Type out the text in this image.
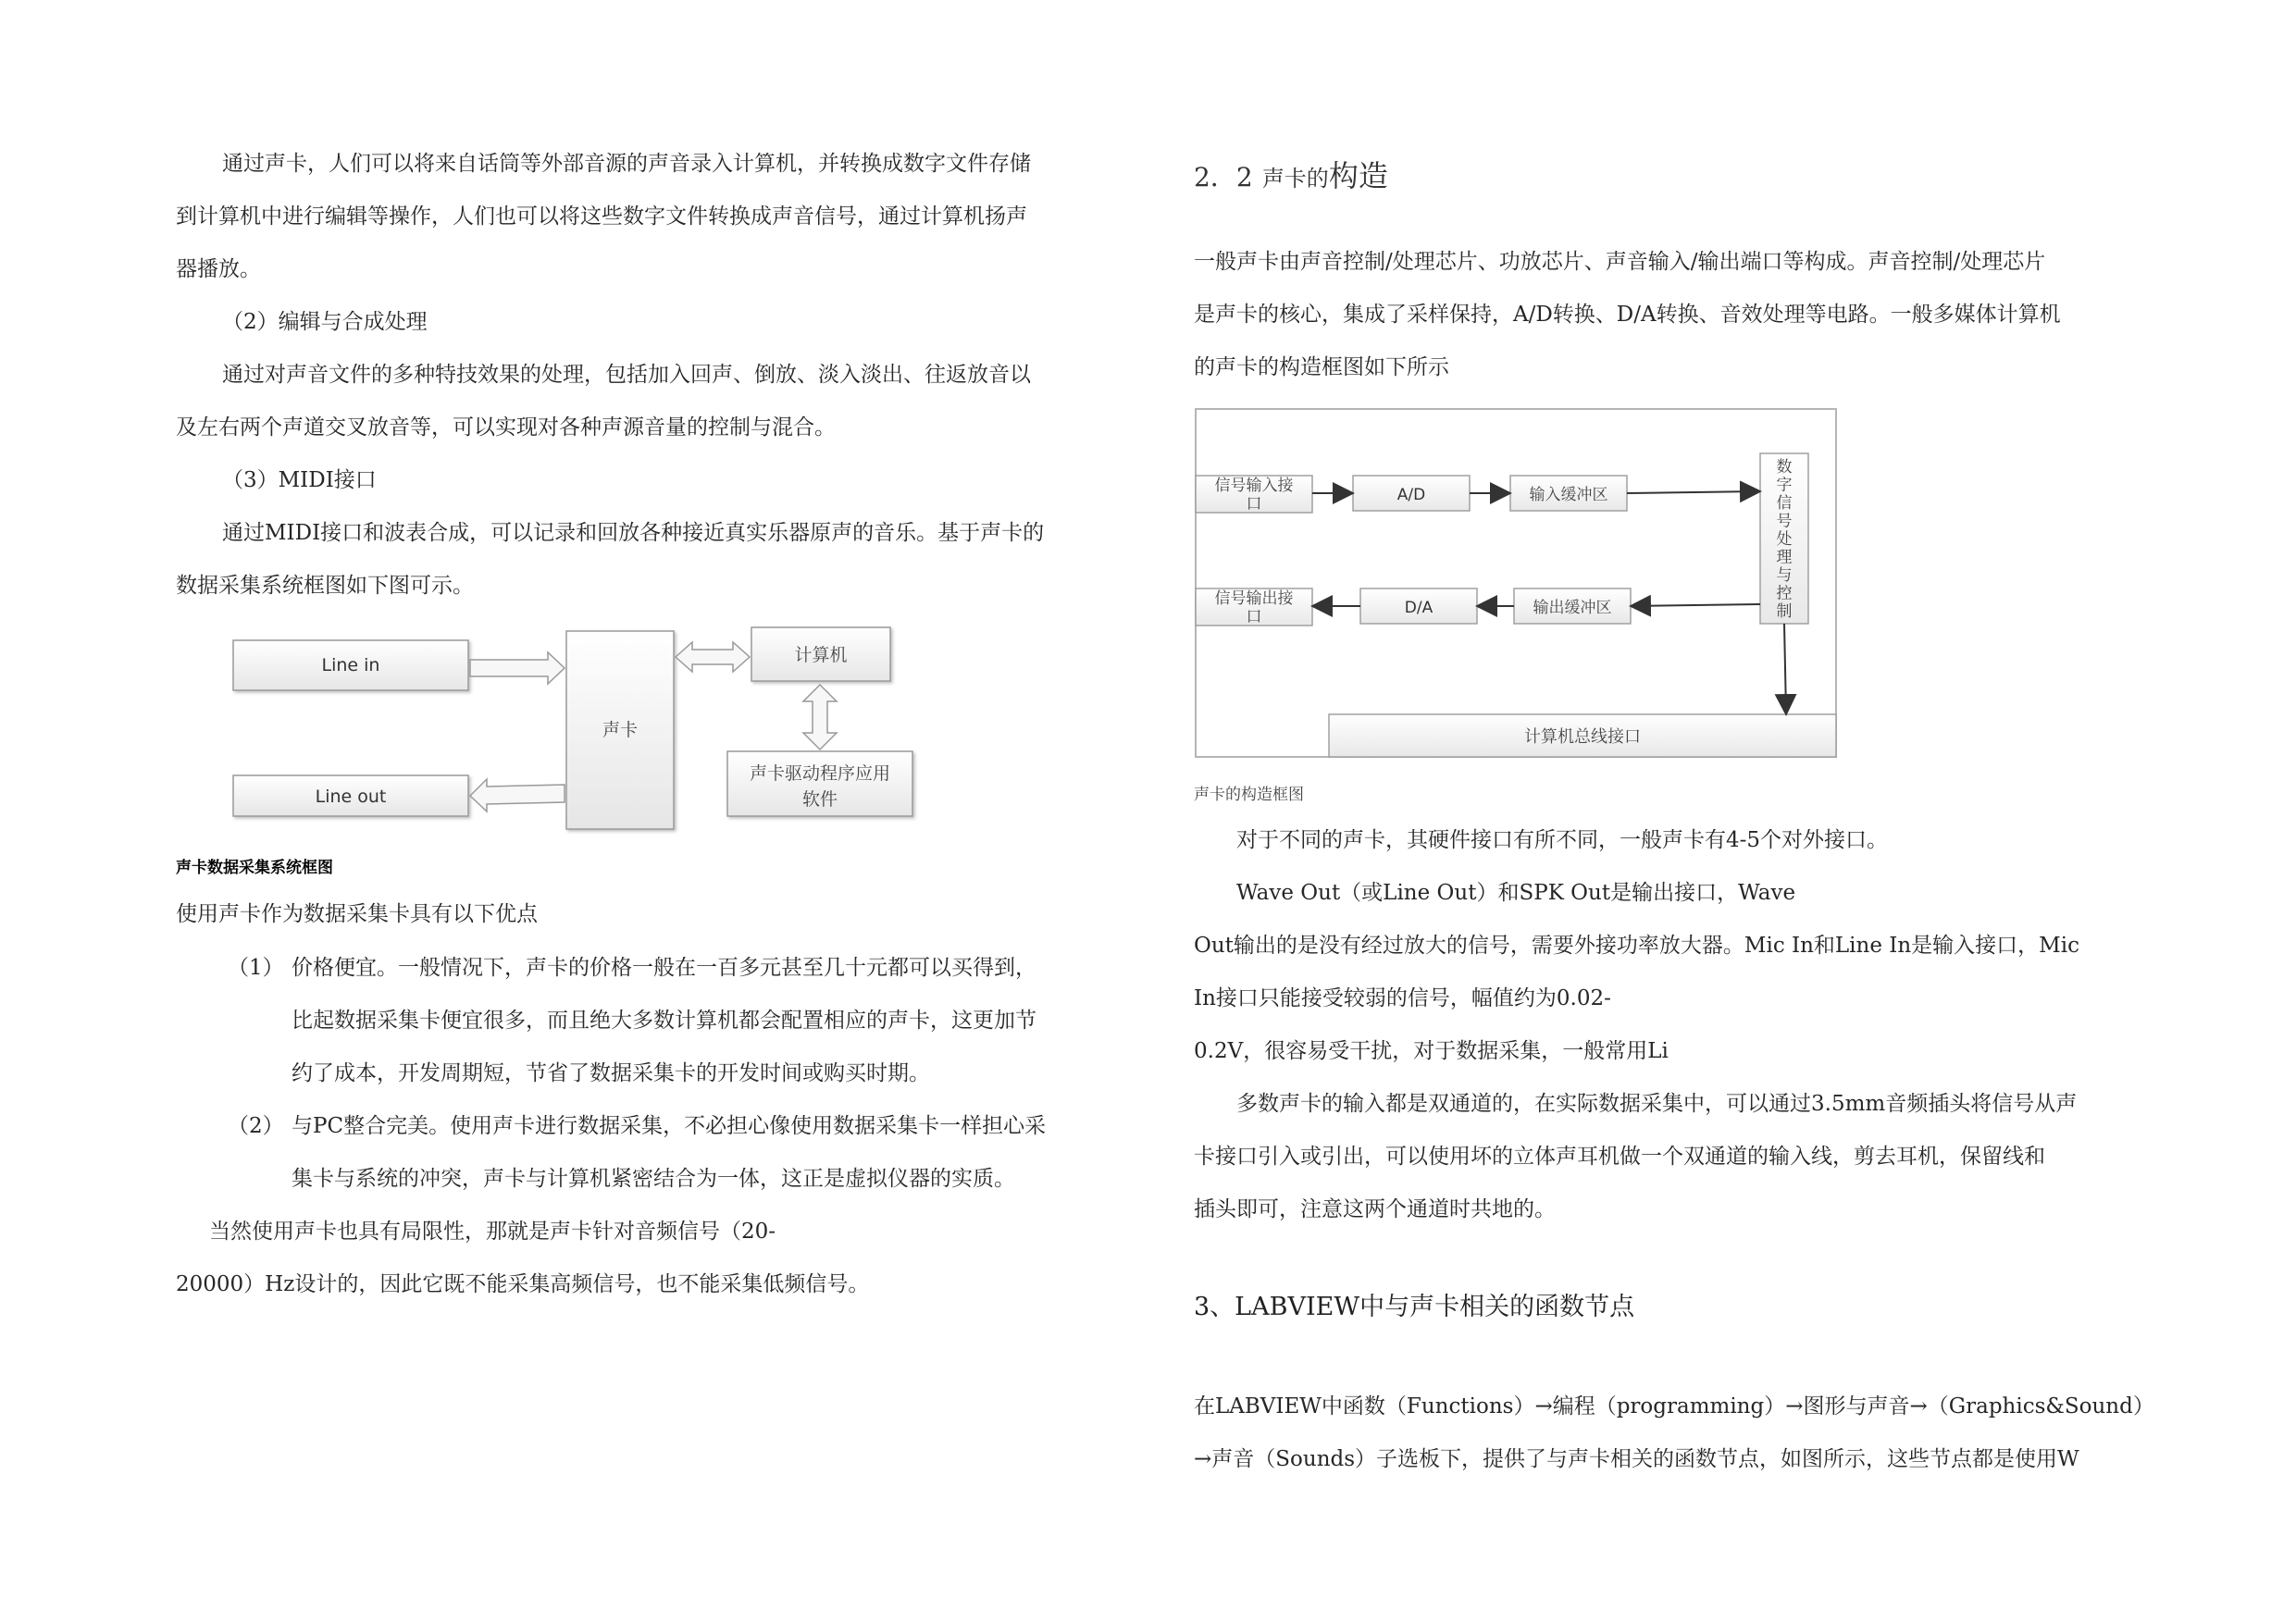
通过声卡，人们可以将来自话筒等外部音源的声音录入计算机，并转换成数字文件存储
到计算机中进行编辑等操作，人们也可以将这些数字文件转换成声音信号，通过计算机扬声
器播放。
（2）编辑与合成处理
通过对声音文件的多种特技效果的处理，包括加入回声、倒放、淡入淡出、往返放音以
及左右两个声道交叉放音等，可以实现对各种声源音量的控制与混合。
（3）MIDI接口
通过MIDI接口和波表合成，可以记录和回放各种接近真实乐器原声的音乐。基于声卡的
数据采集系统框图如下图可示。
Line in
Line out
声卡
计算机
声卡驱动程序应用
软件
声卡数据采集系统框图
使用声卡作为数据采集卡具有以下优点
（1） 价格便宜。一般情况下，声卡的价格一般在一百多元甚至几十元都可以买得到，
比起数据采集卡便宜很多，而且绝大多数计算机都会配置相应的声卡，这更加节
约了成本，开发周期短，节省了数据采集卡的开发时间或购买时期。
（2） 与PC整合完美。使用声卡进行数据采集，不必担心像使用数据采集卡一样担心采
集卡与系统的冲突，声卡与计算机紧密结合为一体，这正是虚拟仪器的实质。
当然使用声卡也具有局限性，那就是声卡针对音频信号（20-
20000）Hz设计的，因此它既不能采集高频信号，也不能采集低频信号。
2．2 声卡的构造
一般声卡由声音控制/处理芯片、功放芯片、声音输入/输出端口等构成。声音控制/处理芯片
是声卡的核心，集成了采样保持，A/D转换、D/A转换、音效处理等电路。一般多媒体计算机
的声卡的构造框图如下所示
信号输入接
口	A/D	输入缓冲区
数
字
信
号
处
理
与
控
制
信号输出接
口	D/A	输出缓冲区
计算机总线接口
声卡的构造框图
对于不同的声卡，其硬件接口有所不同，一般声卡有4-5个对外接口。
Wave Out（或Line Out）和SPK Out是输出接口，Wave
Out输出的是没有经过放大的信号，需要外接功率放大器。Mic In和Line In是输入接口，Mic
In接口只能接受较弱的信号，幅值约为0.02-
0.2V，很容易受干扰，对于数据采集，一般常用Li
多数声卡的输入都是双通道的，在实际数据采集中，可以通过3.5mm音频插头将信号从声
卡接口引入或引出，可以使用坏的立体声耳机做一个双通道的输入线，剪去耳机，保留线和
插头即可，注意这两个通道时共地的。
3、LABVIEW中与声卡相关的函数节点
在LABVIEW中函数（Functions）→编程（programming）→图形与声音→（Graphics&Sound）
→声音（Sounds）子选板下，提供了与声卡相关的函数节点，如图所示，这些节点都是使用W
